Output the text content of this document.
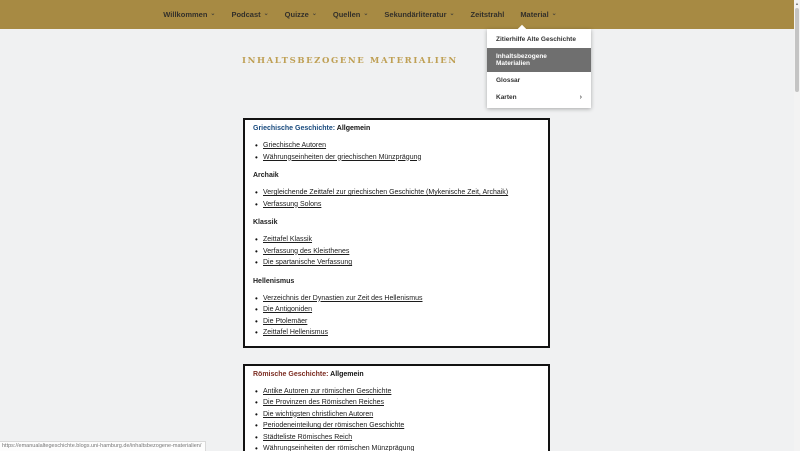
Willkommen ⌄ Podcast ⌄ Quizze ⌄ Quellen ⌄ Sekundärliteratur ⌄ Zeitstrahl Material ⌄
▲
INHALTSBEZOGENE MATERIALIEN
Zitierhilfe Alte Geschichte
Inhaltsbezogene Materialien
Glossar
Karten	›
Griechische Geschichte: Allgemein
• Griechische Autoren
• Währungseinheiten der griechischen Münzprägung
Archaik
• Vergleichende Zeittafel zur griechischen Geschichte (Mykenische Zeit, Archaik)
• Verfassung Solons
Klassik
• Zeittafel Klassik
• Verfassung des Kleisthenes
• Die spartanische Verfassung
Hellenismus
• Verzeichnis der Dynastien zur Zeit des Hellenismus
• Die Antigoniden
• Die Ptolemäer
• Zeittafel Hellenismus
Römische Geschichte: Allgemein
• Antike Autoren zur römischen Geschichte
• Die Provinzen des Römischen Reiches
• Die wichtigsten christlichen Autoren
• Periodeneinteilung der römischen Geschichte
• Städteliste Römisches Reich
• Währungseinheiten der römischen Münzprägung
https://emanualaltegeschichte.blogs.uni-hamburg.de/inhaltsbezogene-materialien/
